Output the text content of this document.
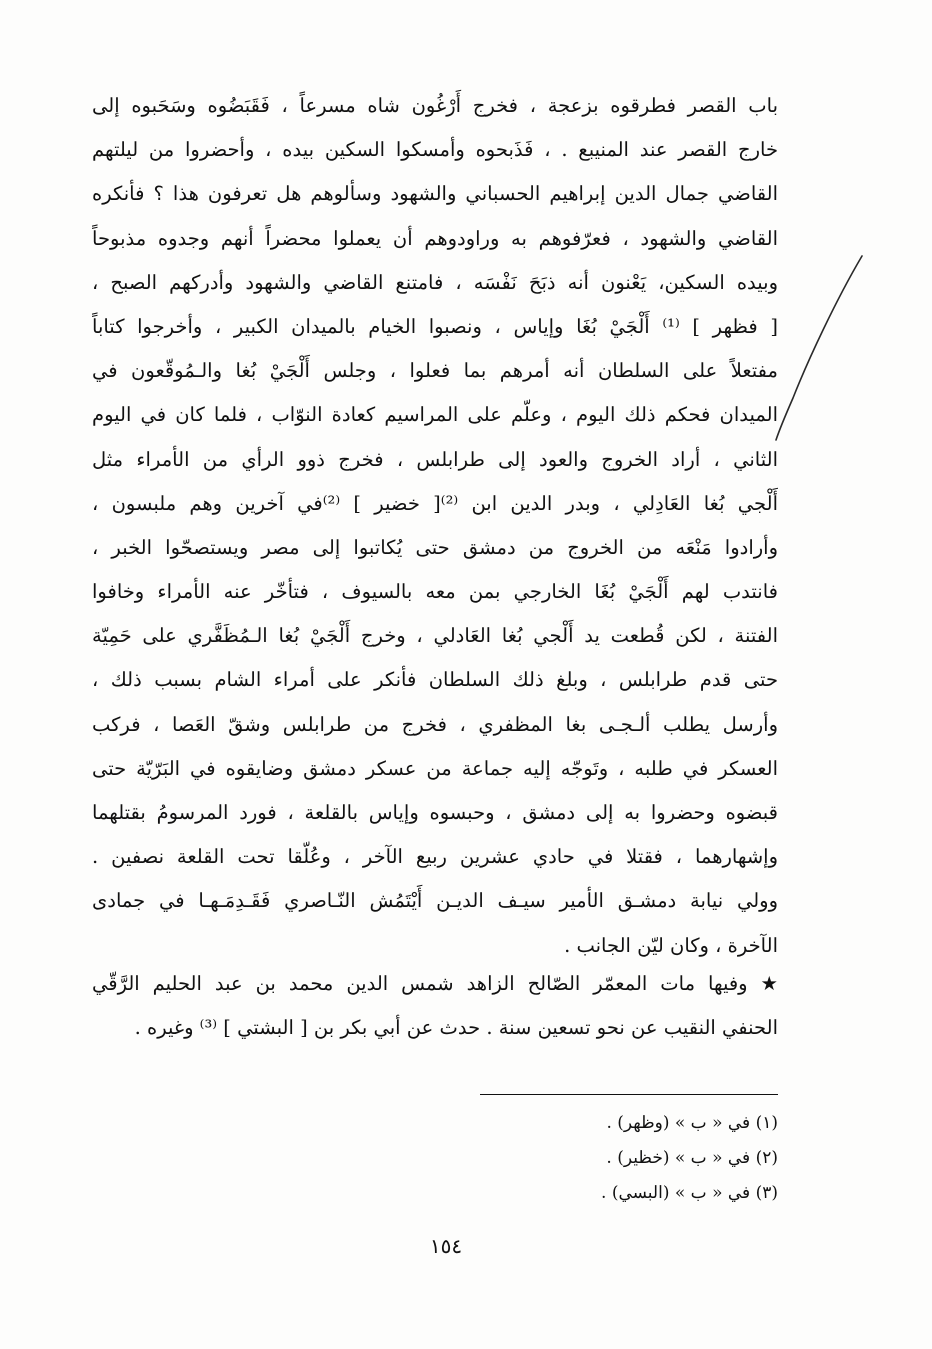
باب القصر فطرقوه بزعجة ، فخرج أَرْغُون شاه مسرعاً ، فَقَبَضُوه وسَحَبوه إلى
خارج القصر عند المنيبع . ، فَذَبحوه وأمسكوا السكين بيده ، وأحضروا من ليلتهم
القاضي جمال الدين إبراهيم الحسباني والشهود وسألوهم هل تعرفون هذا ؟ فأنكره
القاضي والشهود ، فعرّفوهم به وراودوهم أن يعملوا محضراً أنهم وجدوه مذبوحاً
وبيده السكين، يَعْنون أنه ذبَحَ نَفْسَه ، فامتنع القاضي والشهود وأدركهم الصبح ،
[ فظهر ] ⁽¹⁾ أَلْجَيْ بُغَا وإياس ، ونصبوا الخيام بالميدان الكبير ، وأخرجوا كتاباً
مفتعلاً على السلطان أنه أمرهم بما فعلوا ، وجلس أَلْجَيْ بُغا والـمُوقّعون في
الميدان فحكم ذلك اليوم ، وعلّم على المراسيم كعادة النوّاب ، فلما كان في اليوم
الثاني ، أراد الخروج والعود إلى طرابلس ، فخرج ذوو الرأي من الأمراء مثل
أَلْجي بُغا العَادِلي ، وبدر الدين ابن ⁽²⁾[ خضير ] ⁽²⁾في آخرين وهم ملبسون ،
وأرادوا مَنْعَه من الخروج من دمشق حتى يُكاتبوا إلى مصر ويستصحّوا الخبر ،
فانتدب لهم أَلْجَيْ بُغَا الخارجي بمن معه بالسيوف ، فتأخّر عنه الأمراء وخافوا
الفتنة ، لكن قُطعت يد أَلْجي بُغا العَادلي ، وخرج أَلْجَيْ بُغا الـمُظَفَّري على حَمِيّة
حتى قدم طرابلس ، وبلغ ذلك السلطان فأنكر على أمراء الشام بسبب ذلك ،
وأرسل يطلب ألـجـى بغا المظفري ، فخرج من طرابلس وشقّ العَصا ، فركب
العسكر في طلبه ، وتَوجّه إليه جماعة من عسكر دمشق وضايقوه في البَرّيّة حتى
قبضوه وحضروا به إلى دمشق ، وحبسوه وإياس بالقلعة ، فورد المرسومُ بقتلهما
وإشهارهما ، فقتلا في حادي عشرين ربيع الآخر ، وعُلّقا تحت القلعة نصفين .
وولي نيابة دمشـق الأمير سيـف الديـن أَيْتَمُش النّـاصري فَقَـدِمَـهـا في جمادى
الآخرة ، وكان ليّن الجانب .
★ وفيها مات المعمّر الصّالح الزاهد شمس الدين محمد بن عبد الحليم الرَّقّي
الحنفي النقيب عن نحو تسعين سنة . حدث عن أبي بكر بن [ البشتي ] ⁽³⁾ وغيره .
(١) في « ب » (وظهر) .
(٢) في « ب » (خظير) .
(٣) في « ب » (البسي) .
١٥٤
